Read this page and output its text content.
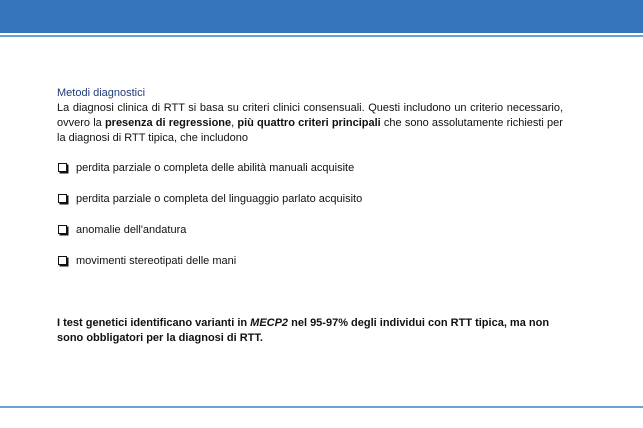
Metodi diagnostici

La diagnosi clinica di RTT si basa su criteri clinici consensuali. Questi includono un criterio necessario, ovvero la presenza di regressione, più quattro criteri principali che sono assolutamente richiesti per la diagnosi di RTT tipica, che includono

perdita parziale o completa delle abilità manuali acquisite
perdita parziale o completa del linguaggio parlato acquisito
anomalie dell'andatura
movimenti stereotipati delle mani

I test genetici identificano varianti in MECP2 nel 95-97% degli individui con RTT tipica, ma non sono obbligatori per la diagnosi di RTT.
